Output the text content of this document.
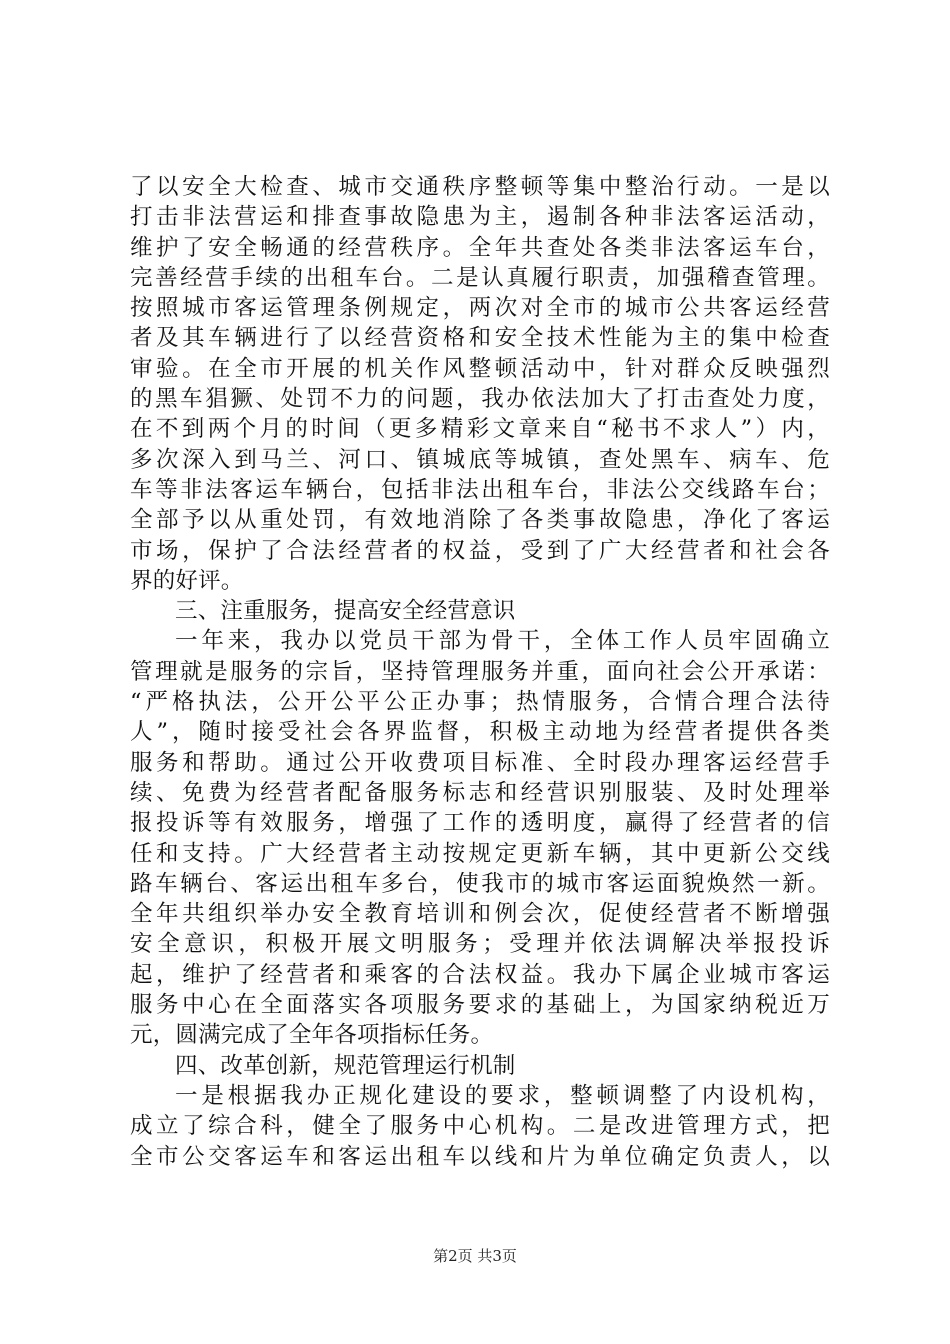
了以安全大检查、城市交通秩序整顿等集中整治行动。一是以
打击非法营运和排查事故隐患为主，遏制各种非法客运活动，
维护了安全畅通的经营秩序。全年共查处各类非法客运车台，
完善经营手续的出租车台。二是认真履行职责，加强稽查管理。
按照城市客运管理条例规定，两次对全市的城市公共客运经营
者及其车辆进行了以经营资格和安全技术性能为主的集中检查
审验。在全市开展的机关作风整顿活动中，针对群众反映强烈
的黑车猖獗、处罚不力的问题，我办依法加大了打击查处力度，
在不到两个月的时间（更多精彩文章来自“秘书不求人”）内，
多次深入到马兰、河口、镇城底等城镇，查处黑车、病车、危
车等非法客运车辆台，包括非法出租车台，非法公交线路车台；
全部予以从重处罚，有效地消除了各类事故隐患，净化了客运
市场，保护了合法经营者的权益，受到了广大经营者和社会各
界的好评。
三、注重服务，提高安全经营意识
一年来，我办以党员干部为骨干，全体工作人员牢固确立
管理就是服务的宗旨，坚持管理服务并重，面向社会公开承诺：
“严格执法，公开公平公正办事；热情服务，合情合理合法待
人”，随时接受社会各界监督，积极主动地为经营者提供各类
服务和帮助。通过公开收费项目标准、全时段办理客运经营手
续、免费为经营者配备服务标志和经营识别服装、及时处理举
报投诉等有效服务，增强了工作的透明度，赢得了经营者的信
任和支持。广大经营者主动按规定更新车辆，其中更新公交线
路车辆台、客运出租车多台，使我市的城市客运面貌焕然一新。
全年共组织举办安全教育培训和例会次，促使经营者不断增强
安全意识，积极开展文明服务；受理并依法调解决举报投诉
起，维护了经营者和乘客的合法权益。我办下属企业城市客运
服务中心在全面落实各项服务要求的基础上，为国家纳税近万
元，圆满完成了全年各项指标任务。
四、改革创新，规范管理运行机制
一是根据我办正规化建设的要求，整顿调整了内设机构，
成立了综合科，健全了服务中心机构。二是改进管理方式，把
全市公交客运车和客运出租车以线和片为单位确定负责人，以
第2页 共3页
